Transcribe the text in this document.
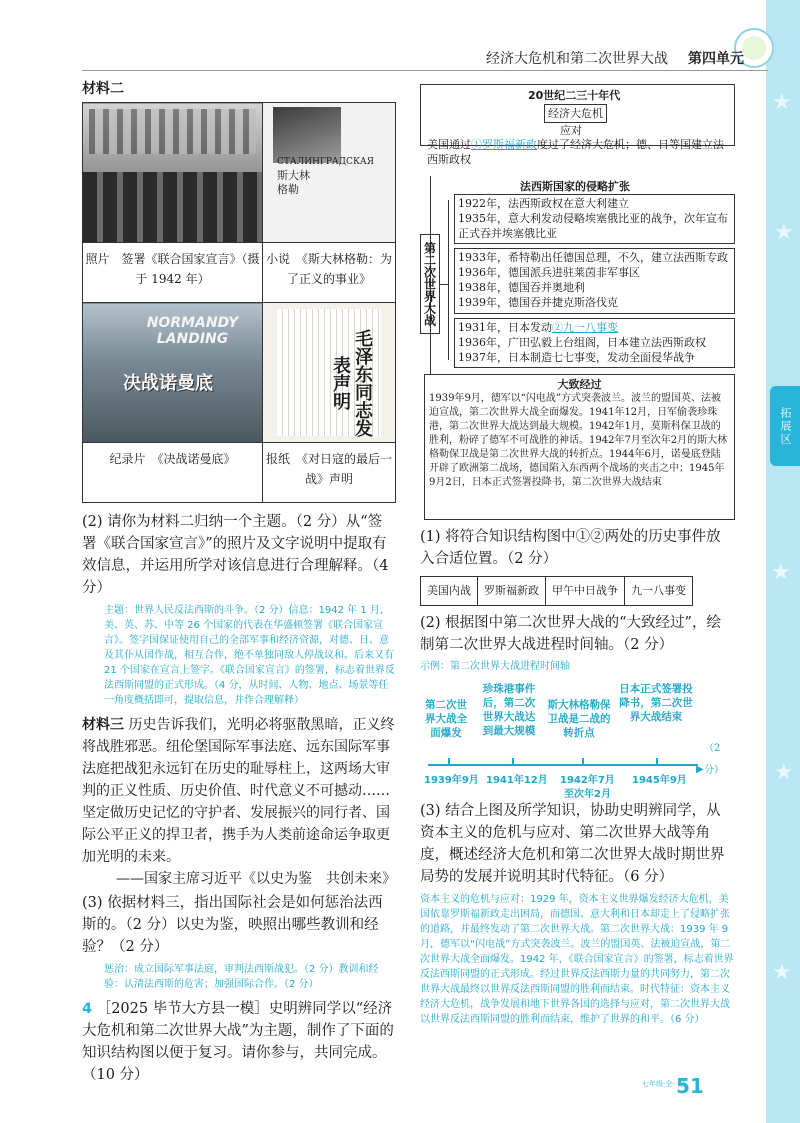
★
★
★
★
★
拓展区
经济大危机和第二次世界大战 第四单元
材料二

	СТАЛИНГРАДСКАЯ
斯大林
格勒

照片　签署《联合国家宣言》（摄于 1942 年）	小说　《斯大林格勒：为了正义的事业》

NORMANDY LANDING
决战诺曼底	毛泽东同志发表声明

纪录片　《决战诺曼底》	报纸　《对日寇的最后一战》声明

(2) 请你为材料二归纳一个主题。（2 分）从“签署《联合国家宣言》”的照片及文字说明中提取有效信息，并运用所学对该信息进行合理解释。（4 分）

主题：世界人民反法西斯的斗争。（2 分）信息：1942 年 1 月，美、英、苏、中等 26 个国家的代表在华盛顿签署《联合国家宣言》。签字国保证使用自己的全部军事和经济资源，对德、日、意及其仆从国作战，相互合作，绝不单独同敌人停战议和。后来又有 21 个国家在宣言上签字。《联合国家宣言》的签署，标志着世界反法西斯同盟的正式形成。（4 分，从时间、人物、地点、场景等任一角度概括即可，提取信息，并作合理解释）
材料三 历史告诉我们，光明必将驱散黑暗，正义终将战胜邪恶。纽伦堡国际军事法庭、远东国际军事法庭把战犯永远钉在历史的耻辱柱上，这两场大审判的正义性质、历史价值、时代意义不可撼动……坚定做历史记忆的守护者、发展振兴的同行者、国际公平正义的捍卫者，携手为人类前途命运争取更加光明的未来。
——国家主席习近平《以史为鉴　共创未来》

(3) 依据材料三，指出国际社会是如何惩治法西斯的。（2 分）以史为鉴，映照出哪些教训和经验？（2 分）

惩治：成立国际军事法庭，审判法西斯战犯。（2 分）教训和经验：认清法西斯的危害；加强国际合作。（2 分）
4 ［2025 毕节大方县一模］史明辨同学以“经济大危机和第二次世界大战”为主题，制作了下面的知识结构图以便于复习。请你参与，共同完成。（10 分）
20世纪二三十年代
经济大危机
应对
美国通过①罗斯福新政度过了经济大危机；德、日等国建立法西斯政权
法西斯国家的侵略扩张
第二次世界大战
1922年，法西斯政权在意大利建立
1935年，意大利发动侵略埃塞俄比亚的战争，次年宣布正式吞并埃塞俄比亚
1933年，希特勒出任德国总理，不久，建立法西斯专政
1936年，德国派兵进驻莱茵非军事区
1938年，德国吞并奥地利
1939年，德国吞并捷克斯洛伐克
1931年，日本发动②九一八事变
1936年，广田弘毅上台组阁，日本建立法西斯政权
1937年，日本制造七七事变，发动全面侵华战争
大致经过
1939年9月，德军以“闪电战”方式突袭波兰。波兰的盟国英、法被迫宣战，第二次世界大战全面爆发。1941年12月，日军偷袭珍珠港，第二次世界大战达到最大规模。1942年1月，莫斯科保卫战的胜利，粉碎了德军不可战胜的神话。1942年7月至次年2月的斯大林格勒保卫战是第二次世界大战的转折点。1944年6月，诺曼底登陆开辟了欧洲第二战场，德国陷入东西两个战场的夹击之中；1945年9月2日，日本正式签署投降书，第二次世界大战结束

(1) 将符合知识结构图中①②两处的历史事件放入合适位置。（2 分）

美国内战	罗斯福新政	甲午中日战争	九一八事变

(2) 根据图中第二次世界大战的“大致经过”，绘制第二次世界大战进程时间轴。（2 分）

示例：第二次世界大战进程时间轴
第二次世界大战全面爆发
珍珠港事件后，第二次世界大战达到最大规模
斯大林格勒保卫战是二战的转折点
日本正式签署投降书，第二次世界大战结束
（2 分）
▶
1939年9月 1941年12月 1942年7月 1945年9月
至次年2月

(3) 结合上图及所学知识，协助史明辨同学，从资本主义的危机与应对、第二次世界大战等角度，概述经济大危机和第二次世界大战时期世界局势的发展并说明其时代特征。（6 分）

资本主义的危机与应对：1929 年，资本主义世界爆发经济大危机，美国依靠罗斯福新政走出困局，而德国、意大利和日本却走上了侵略扩张的道路，并最终发动了第二次世界大战。第二次世界大战：1939 年 9 月，德军以“闪电战”方式突袭波兰。波兰的盟国英、法被迫宣战，第二次世界大战全面爆发。1942 年，《联合国家宣言》的签署，标志着世界反法西斯同盟的正式形成。经过世界反法西斯力量的共同努力，第二次世界大战最终以世界反法西斯同盟的胜利而结束。时代特征：资本主义经济大危机，战争发展和地下世界各国的选择与应对，第二次世界大战以世界反法西斯同盟的胜利而结束，维护了世界的和平。（6 分）
七年级·全一册
51
